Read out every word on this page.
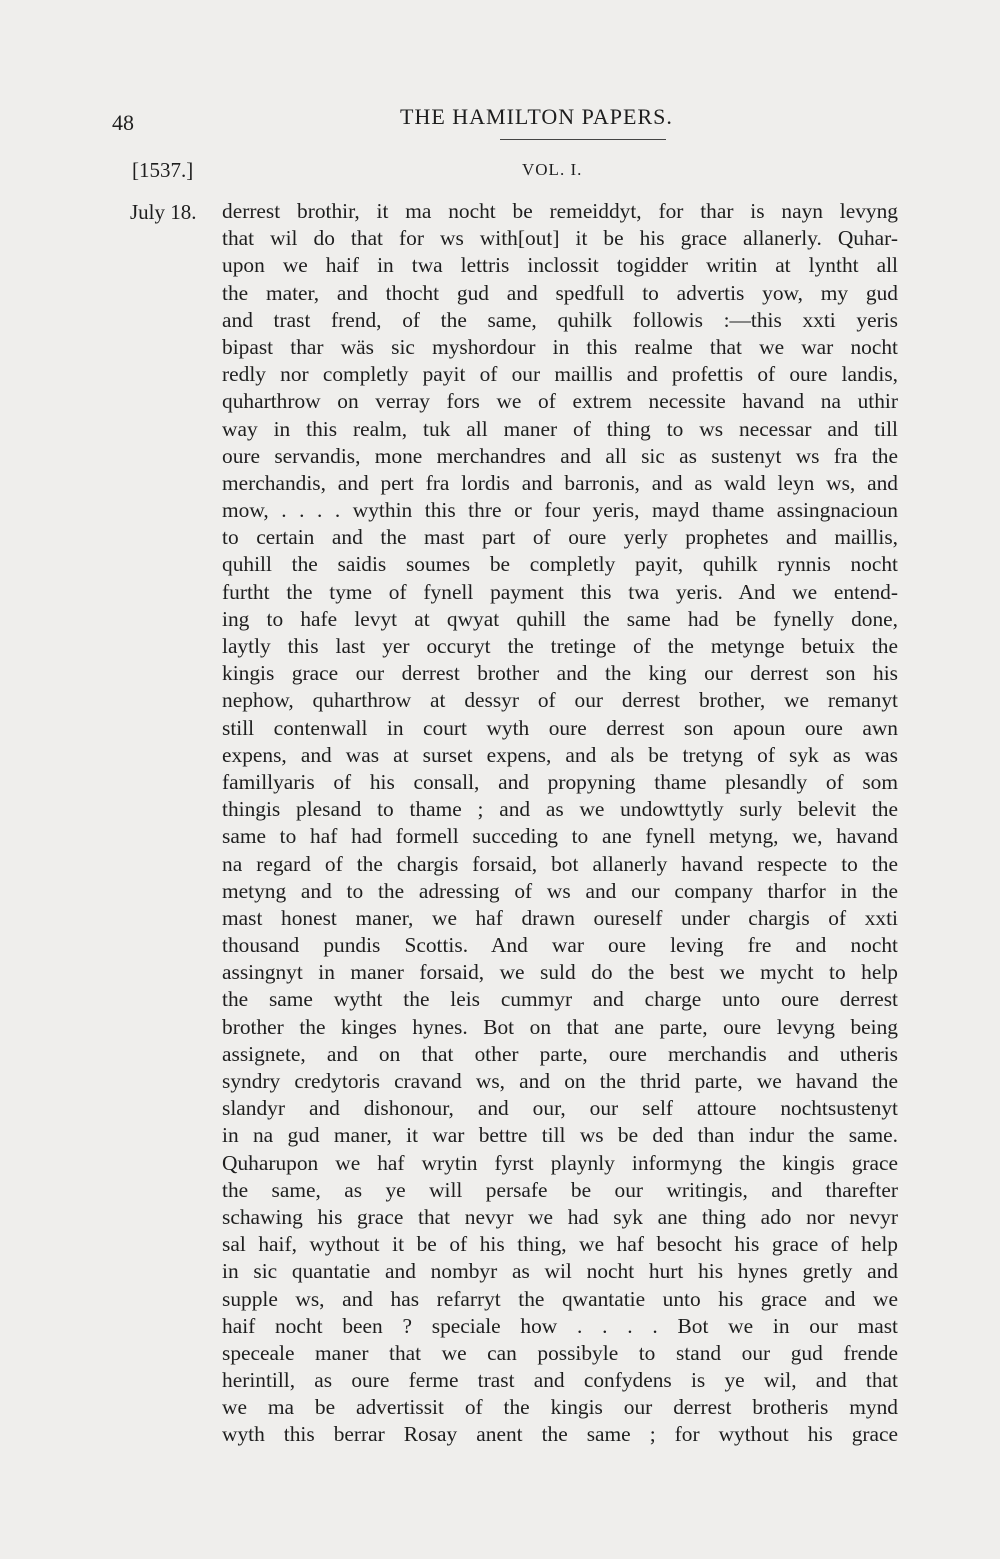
48	THE HAMILTON PAPERS.
[1537.]	VOL. I.
July 18. derrest brothir, it ma nocht be remeiddyt, for thar is nayn levyng
that wil do that for ws with[out] it be his grace allanerly. Quhar-
upon we haif in twa lettris inclossit togidder writin at lyntht all
the mater, and thocht gud and spedfull to advertis yow, my gud
and trast frend, of the same, quhilk followis :—this xxti yeris
bipast thar wäs sic myshordour in this realme that we war nocht
redly nor completly payit of our maillis and profettis of oure landis,
quharthrow on verray fors we of extrem necessite havand na uthir
way in this realm, tuk all maner of thing to ws necessar and till
oure servandis, mone merchandres and all sic as sustenyt ws fra the
merchandis, and pert fra lordis and barronis, and as wald leyn ws, and
mow, . . . . wythin this thre or four yeris, mayd thame assingnacioun
to certain and the mast part of oure yerly prophetes and maillis,
quhill the saidis soumes be completly payit, quhilk rynnis nocht
furtht the tyme of fynell payment this twa yeris. And we entend-
ing to hafe levyt at qwyat quhill the same had be fynelly done,
laytly this last yer occuryt the tretinge of the metynge betuix the
kingis grace our derrest brother and the king our derrest son his
nephow, quharthrow at dessyr of our derrest brother, we remanyt
still contenwall in court wyth oure derrest son apoun oure awn
expens, and was at surset expens, and als be tretyng of syk as was
famillyaris of his consall, and propyning thame plesandly of som
thingis plesand to thame ; and as we undowttytly surly belevit the
same to haf had formell succeding to ane fynell metyng, we, havand
na regard of the chargis forsaid, bot allanerly havand respecte to the
metyng and to the adressing of ws and our company tharfor in the
mast honest maner, we haf drawn oureself under chargis of xxti
thousand pundis Scottis. And war oure leving fre and nocht
assingnyt in maner forsaid, we suld do the best we mycht to help
the same wytht the leis cummyr and charge unto oure derrest
brother the kinges hynes. Bot on that ane parte, oure levyng being
assignete, and on that other parte, oure merchandis and utheris
syndry credytoris cravand ws, and on the thrid parte, we havand the
slandyr and dishonour, and our, our self attoure nochtsustenyt
in na gud maner, it war bettre till ws be ded than indur the same.
Quharupon we haf wrytin fyrst playnly informyng the kingis grace
the same, as ye will persafe be our writingis, and tharefter
schawing his grace that nevyr we had syk ane thing ado nor nevyr
sal haif, wythout it be of his thing, we haf besocht his grace of help
in sic quantatie and nombyr as wil nocht hurt his hynes gretly and
supple ws, and has refarryt the qwantatie unto his grace and we
haif nocht been ? speciale how . . . . Bot we in our mast
speceale maner that we can possibyle to stand our gud frende
herintill, as oure ferme trast and confydens is ye wil, and that
we ma be advertissit of the kingis our derrest brotheris mynd
wyth this berrar Rosay anent the same ; for wythout his grace
